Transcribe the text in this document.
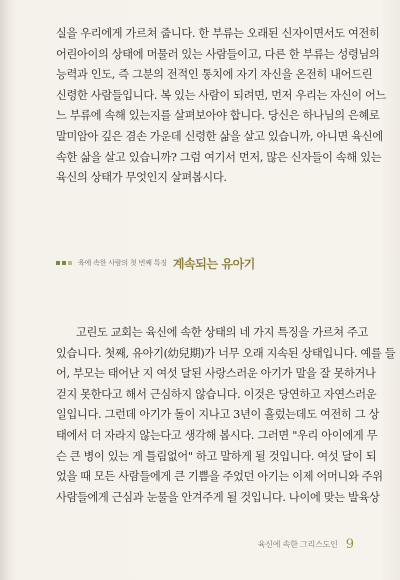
실을 우리에게 가르쳐 줍니다. 한 부류는 오래된 신자이면서도 여전히
어린아이의 상태에 머물러 있는 사람들이고, 다른 한 부류는 성령님의
능력과 인도, 즉 그분의 전적인 통치에 자기 자신을 온전히 내어드린
신령한 사람들입니다. 복 있는 사람이 되려면, 먼저 우리는 자신이 어느
느 부류에 속해 있는지를 살펴보아야 합니다. 당신은 하나님의 은혜로
말미암아 깊은 겸손 가운데 신령한 삶을 살고 있습니까, 아니면 육신에
속한 삶을 살고 있습니까? 그럼 여기서 먼저, 많은 신자들이 속해 있는
육신의 상태가 무엇인지 살펴봅시다.
육에 속한 사람의 첫 번째 특징 계속되는 유아기
고린도 교회는 육신에 속한 상태의 네 가지 특징을 가르쳐 주고
있습니다. 첫째, 유아기(幼兒期)가 너무 오래 지속된 상태입니다. 예를 들
어, 부모는 태어난 지 여섯 달된 사랑스러운 아기가 말을 잘 못하거나
걷지 못한다고 해서 근심하지 않습니다. 이것은 당연하고 자연스러운
일입니다. 그런데 아기가 돌이 지나고 3년이 흘렀는데도 여전히 그 상
태에서 더 자라지 않는다고 생각해 봅시다. 그러면 "우리 아이에게 무
슨 큰 병이 있는 게 틀림없어" 하고 말하게 될 것입니다. 여섯 달이 되
었을 때 모든 사람들에게 큰 기쁨을 주었던 아기는 이제 어머니와 주위
사람들에게 근심과 눈물을 안겨주게 될 것입니다. 나이에 맞는 발육상
육신에 속한 그리스도인 9
